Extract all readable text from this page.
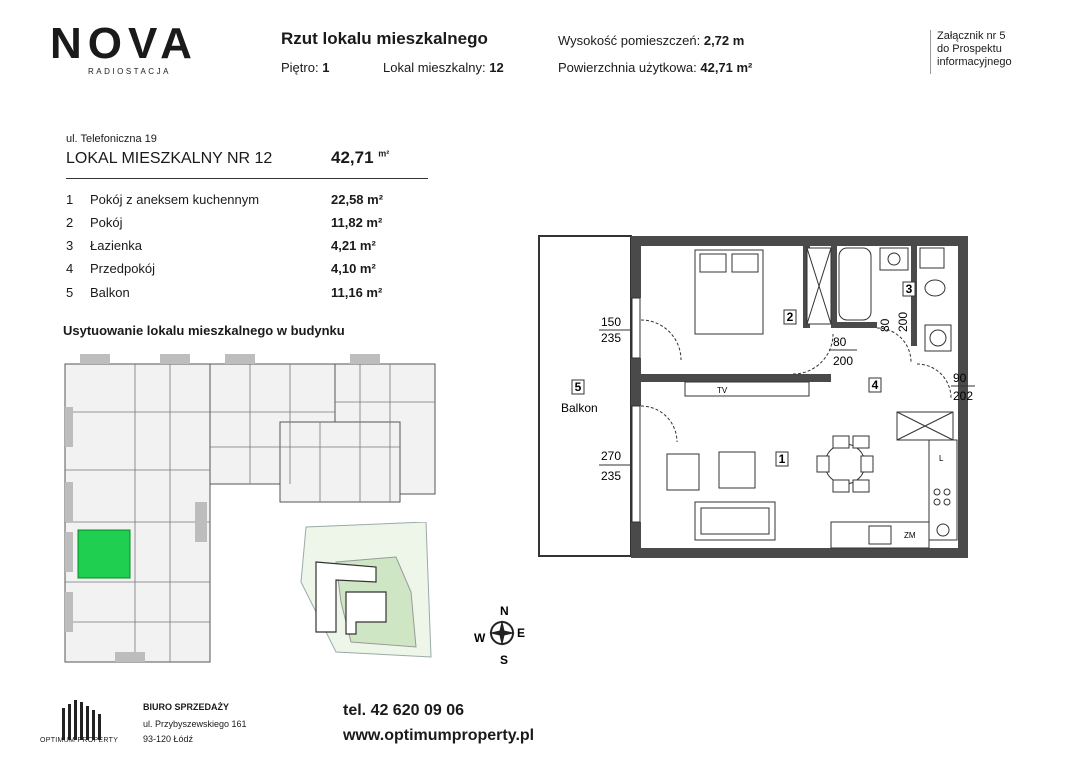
NOVA
RADIOSTACJA
Rzut lokalu mieszkalnego
Piętro: 1	Lokal mieszkalny: 12
Wysokość pomieszczeń: 2,72 m
Powierzchnia użytkowa: 42,71 m²
Załącznik nr 5
do Prospektu
informacyjnego
ul. Telefoniczna 19
LOKAL MIESZKALNY NR 12	42,71 $^{m^2}$
1 Pokój z aneksem kuchennym	22,58 m²
2 Pokój	11,82 m²
3 Łazienka	4,21 m²
4 Przedpokój	4,10 m²
5 Balkon	11,16 m²
Usytuowanie lokalu mieszkalnego w budynku
N
E
S
W
5
2
3
4
1
Balkon
TV
ZM
L
150
235
270
235
80
200
80 200
90
202
OPTIMUM PROPERTY
BIURO SPRZEDAŻY
ul. Przybyszewskiego 161
93-120 Łódź
tel. 42 620 09 06
www.optimumproperty.pl
